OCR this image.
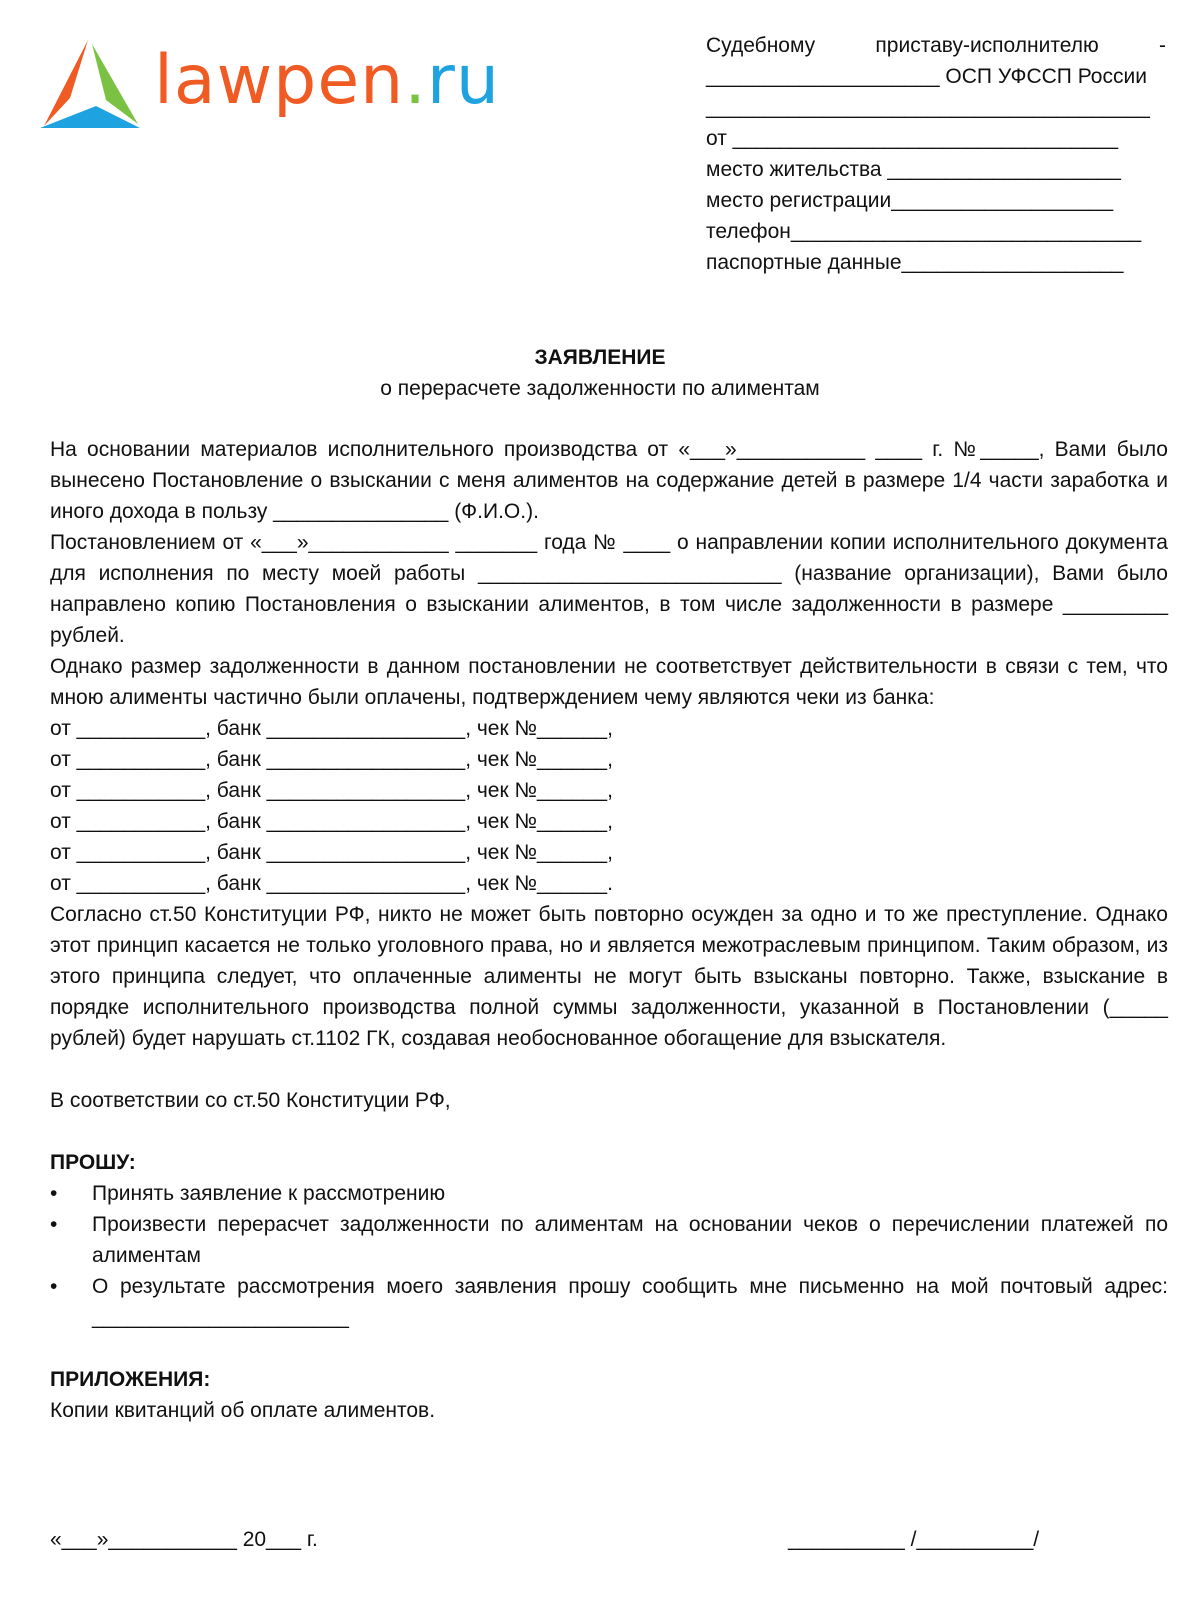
lawpen.ru	Судебному	приставу-исполнителю	-
____________________ ОСП УФССП России
______________________________________
от _________________________________
место жительства ____________________
место регистрации___________________
телефон______________________________
паспортные данные___________________
ЗАЯВЛЕНИЕ
о перерасчете задолженности по алиментам

На основании материалов исполнительного производства от «___»___________ ____ г. №_____, Вами было вынесено Постановление о взыскании с меня алиментов на содержание детей в размере 1/4 части заработка и иного дохода в пользу _______________ (Ф.И.О.).

Постановлением от «___»____________ _______ года № ____ о направлении копии исполнительного документа для исполнения по месту моей работы __________________________ (название организации), Вами было направлено копию Постановления о взыскании алиментов, в том числе задолженности в размере _________ рублей.

Однако размер задолженности в данном постановлении не соответствует действительности в связи с тем, что мною алименты частично были оплачены, подтверждением чему являются чеки из банка:

от ___________, банк _________________, чек №______,
от ___________, банк _________________, чек №______,
от ___________, банк _________________, чек №______,
от ___________, банк _________________, чек №______,
от ___________, банк _________________, чек №______,
от ___________, банк _________________, чек №______.

Согласно ст.50 Конституции РФ, никто не может быть повторно осужден за одно и то же преступление. Однако этот принцип касается не только уголовного права, но и является межотраслевым принципом. Таким образом, из этого принципа следует, что оплаченные алименты не могут быть взысканы повторно. Также, взыскание в порядке исполнительного производства полной суммы задолженности, указанной в Постановлении (_____ рублей) будет нарушать ст.1102 ГК, создавая необоснованное обогащение для взыскателя.

В соответствии со ст.50 Конституции РФ,

ПРОШУ:
•	Принять заявление к рассмотрению
•	Произвести перерасчет задолженности по алиментам на основании чеков о перечислении платежей по алиментам
•	О результате рассмотрения моего заявления прошу сообщить мне письменно на мой почтовый адрес: ______________________
ПРИЛОЖЕНИЯ:

Копии квитанций об оплате алиментов.

«___»___________ 20___ г.	__________ /__________/
